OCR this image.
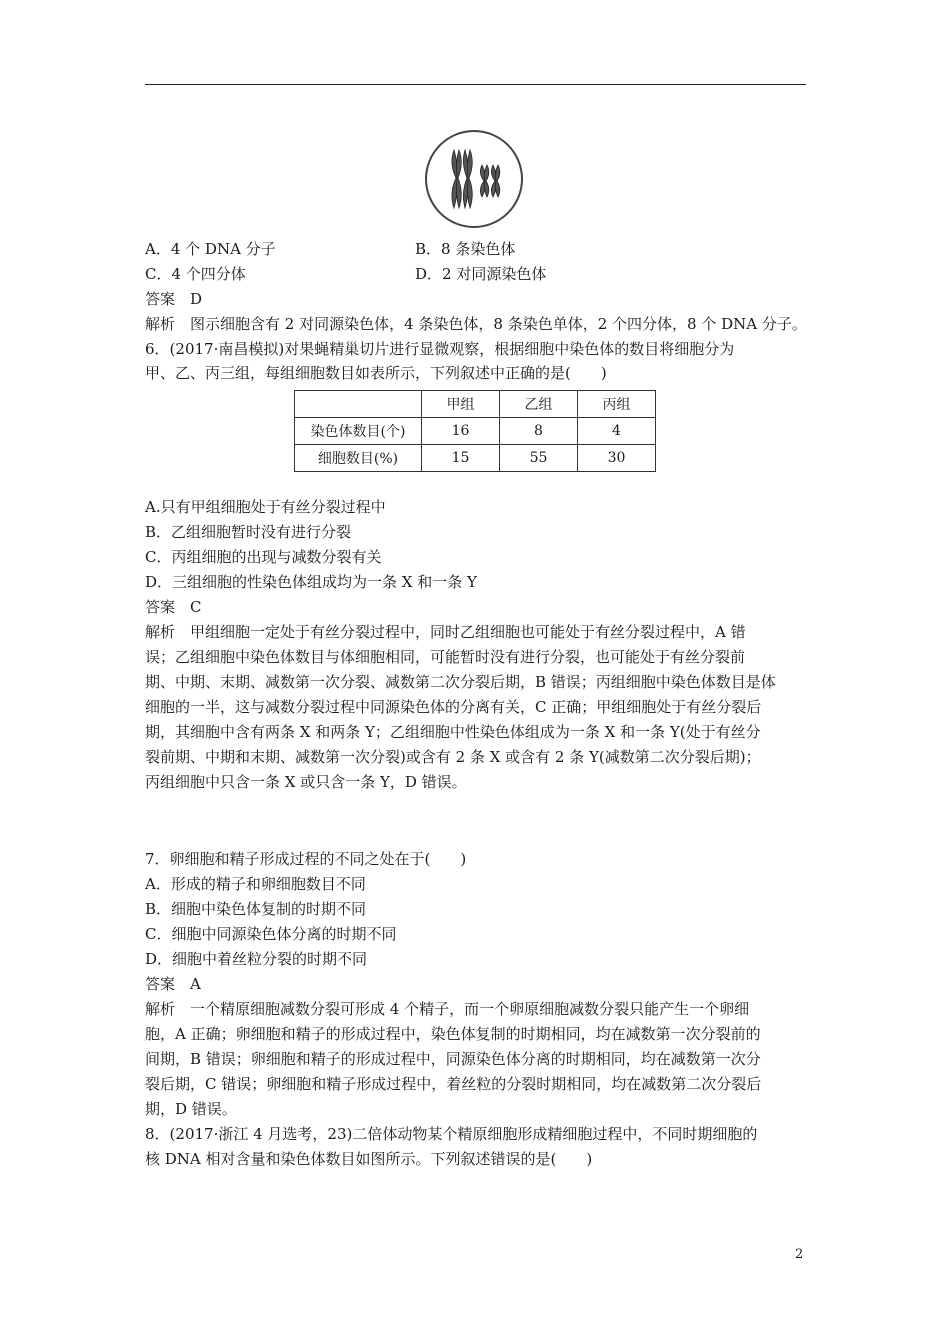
A．4 个 DNA 分子	B．8 条染色体
C．4 个四分体	D．2 对同源染色体
答案　D
解析　图示细胞含有 2 对同源染色体，4 条染色体，8 条染色单体，2 个四分体，8 个 DNA 分子。
6．(2017·南昌模拟)对果蝇精巢切片进行显微观察，根据细胞中染色体的数目将细胞分为
甲、乙、丙三组，每组细胞数目如表所示，下列叙述中正确的是(　　)
	甲组	乙组	丙组
染色体数目(个)	16	8	4
细胞数目(%)	15	55	30
A.只有甲组细胞处于有丝分裂过程中
B．乙组细胞暂时没有进行分裂
C．丙组细胞的出现与减数分裂有关
D．三组细胞的性染色体组成均为一条 X 和一条 Y
答案　C
解析　甲组细胞一定处于有丝分裂过程中，同时乙组细胞也可能处于有丝分裂过程中，A 错
误；乙组细胞中染色体数目与体细胞相同，可能暂时没有进行分裂，也可能处于有丝分裂前
期、中期、末期、减数第一次分裂、减数第二次分裂后期，B 错误；丙组细胞中染色体数目是体
细胞的一半，这与减数分裂过程中同源染色体的分离有关，C 正确；甲组细胞处于有丝分裂后
期，其细胞中含有两条 X 和两条 Y；乙组细胞中性染色体组成为一条 X 和一条 Y(处于有丝分
裂前期、中期和末期、减数第一次分裂)或含有 2 条 X 或含有 2 条 Y(减数第二次分裂后期)；
丙组细胞中只含一条 X 或只含一条 Y，D 错误。
7．卵细胞和精子形成过程的不同之处在于(　　)
A．形成的精子和卵细胞数目不同
B．细胞中染色体复制的时期不同
C．细胞中同源染色体分离的时期不同
D．细胞中着丝粒分裂的时期不同
答案　A
解析　一个精原细胞减数分裂可形成 4 个精子，而一个卵原细胞减数分裂只能产生一个卵细
胞，A 正确；卵细胞和精子的形成过程中，染色体复制的时期相同，均在减数第一次分裂前的
间期，B 错误；卵细胞和精子的形成过程中，同源染色体分离的时期相同，均在减数第一次分
裂后期，C 错误；卵细胞和精子形成过程中，着丝粒的分裂时期相同，均在减数第二次分裂后
期，D 错误。
8．(2017·浙江 4 月选考，23)二倍体动物某个精原细胞形成精细胞过程中，不同时期细胞的
核 DNA 相对含量和染色体数目如图所示。下列叙述错误的是(　　)
2
